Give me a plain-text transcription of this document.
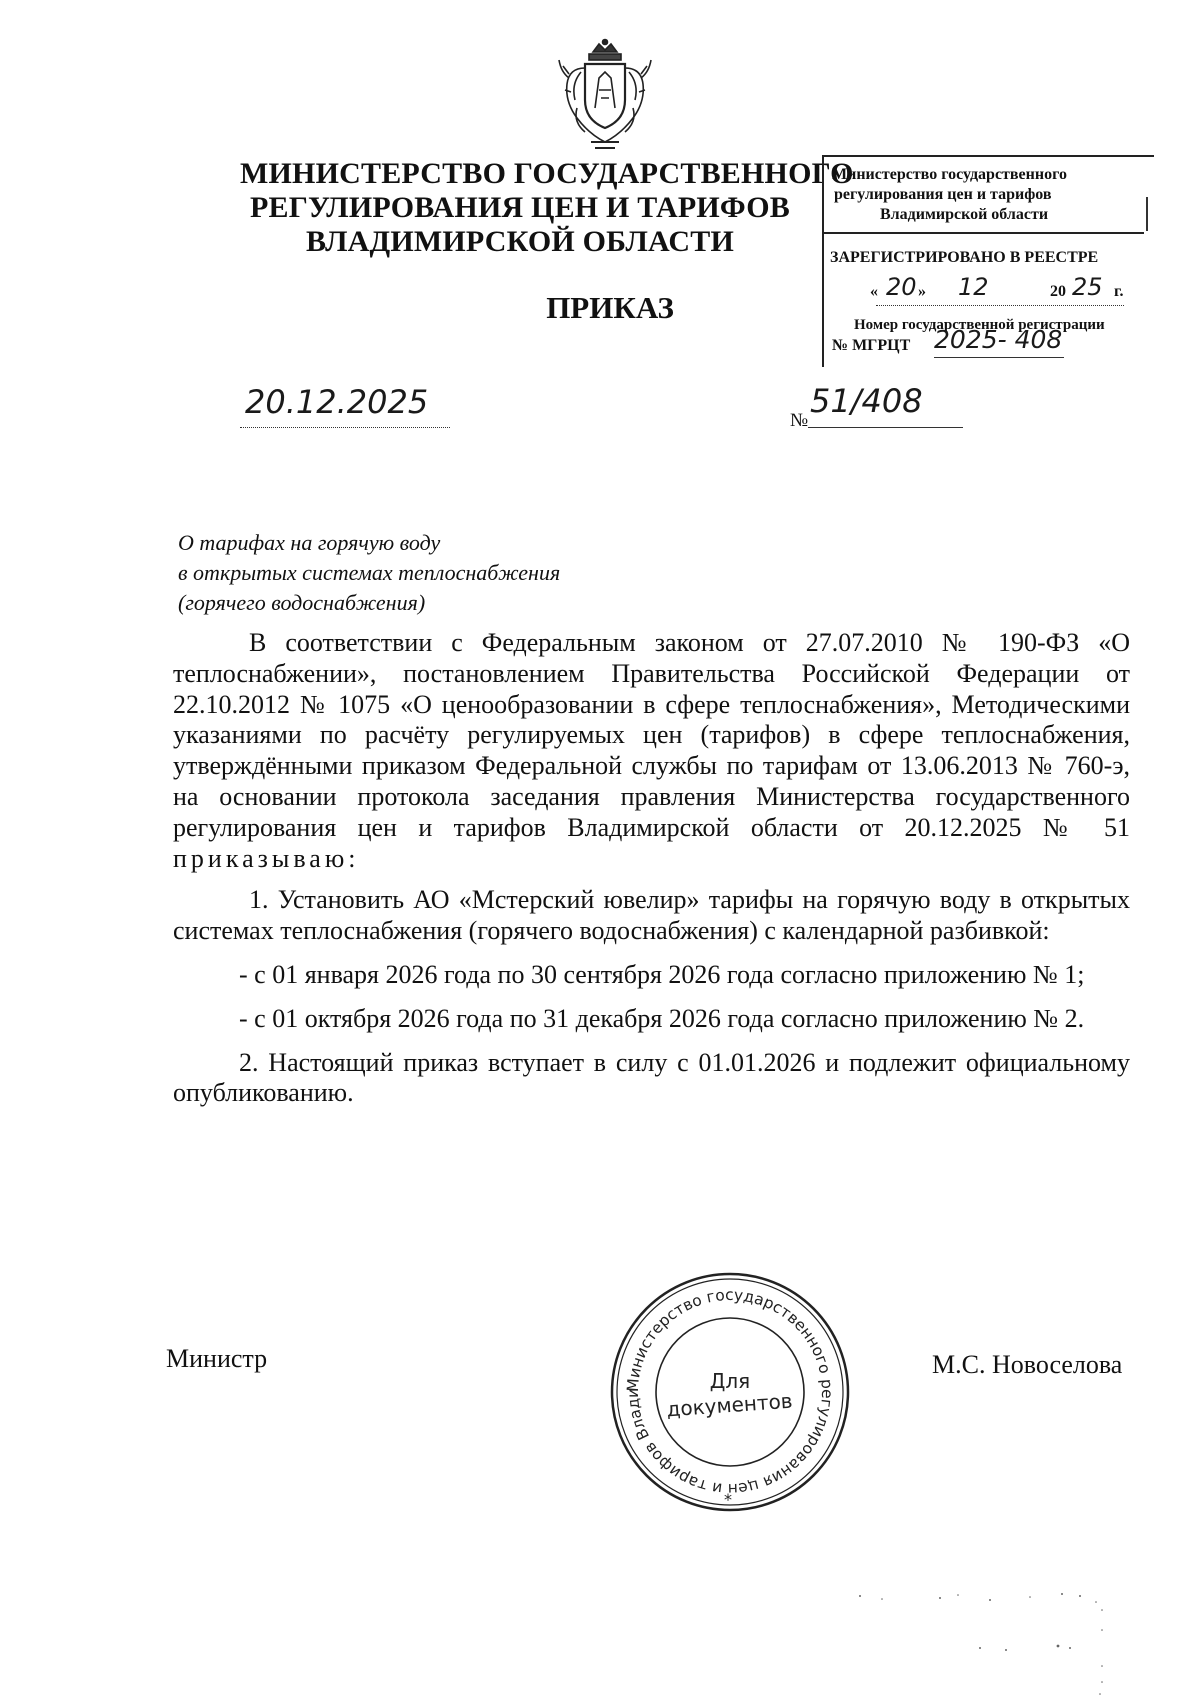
МИНИСТЕРСТВО ГОСУДАРСТВЕННОГО
РЕГУЛИРОВАНИЯ ЦЕН И ТАРИФОВ
ВЛАДИМИРСКОЙ ОБЛАСТИ
ПРИКАЗ
Министерство государственного
регулирования цен и тарифов
Владимирской области
ЗАРЕГИСТРИРОВАНО В РЕЕСТРЕ
« 20 » 12	20 25 г.
Номер государственной регистрации
№ МГРЦТ 2025- 408
20.12.2025	№
51/408
О тарифах на горячую воду
в открытых системах теплоснабжения
(горячего водоснабжения)

В соответствии с Федеральным законом от 27.07.2010 № 190-ФЗ «О теплоснабжении», постановлением Правительства Российской Федерации от 22.10.2012 № 1075 «О ценообразовании в сфере теплоснабжения», Методическими указаниями по расчёту регулируемых цен (тарифов) в сфере теплоснабжения, утверждёнными приказом Федеральной службы по тарифам от 13.06.2013 № 760-э, на основании протокола заседания правления Министерства государственного регулирования цен и тарифов Владимирской области от 20.12.2025 № 51 приказываю:

1. Установить АО «Мстерский ювелир» тарифы на горячую воду в открытых системах теплоснабжения (горячего водоснабжения) с календарной разбивкой:

- с 01 января 2026 года по 30 сентября 2026 года согласно приложению № 1;

- с 01 октября 2026 года по 31 декабря 2026 года согласно приложению № 2.

2. Настоящий приказ вступает в силу с 01.01.2026 и подлежит официальному опубликованию.

Министр	М.С. Новоселова
Министерство государственного регулирования цен и тарифов Влади
*
Для
документов
